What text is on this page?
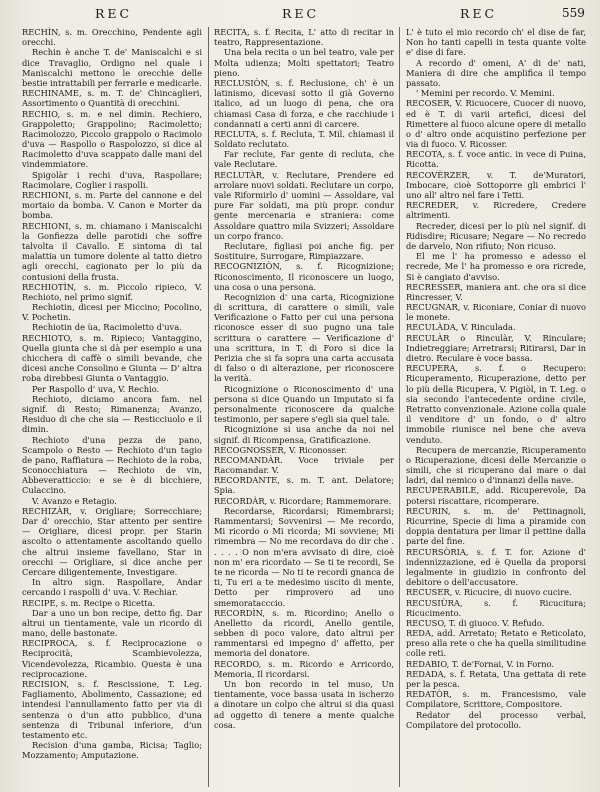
REC	REC	REC	559

RECHÌN, s. m. Orecchino, Pendente agli orecchi.

Rechin è anche T. de' Maniscalchi e si dice Travaglio, Ordigno nel quale i Maniscalchi mettono le orecchie delle bestie intrattabili per ferrarle e medicarle.

RECHINAME, s. m. T. de' Chincaglieri, Assortimento o Quantità di orecchini.

RECHIO, s. m. e nel dimin. Rechiero, Grappoletto; Grappolino; Racimoletto; Racimolozzo, Piccolo grappolo o Racimolo d'uva — Raspollo o Raspolozzo, si dice al Racimoletto d'uva scappato dalle mani del vindemmiatore.

Spigolàr i rechi d'uva, Raspollare; Racimolare, Coglier i raspolli.

RECHIONI, s. m. Parte del cannone e del mortaio da bomba. V. Canon e Morter da bomba.

RECHIONI, s. m. chiamano i Maniscalchi la Gonfiezza delle parotidi che soffre talvolta il Cavallo. E sintoma di tal malattia un tumore dolente al tatto dietro agli orecchi, cagionato per lo più da contusioni della frusta.

RECHIOTÌN, s. m. Piccolo ripieco, V. Rechioto, nel primo signif.

Rechiotin, dicesi per Miccino; Pocolino, V. Pochetin.

Rechiotin de ùa, Racimoletto d'uva.

RECHIOTO, s. m. Ripieco; Vantaggino, Quella giunta che si dà per esempio a una chicchera di caffè o simili bevande, che dicesi anche Consolino e Giunta — D' altra roba direbbesi Giunta o Vantaggio.

Per Raspollo d' uva, V. Rechio.

Rechioto, diciamo ancora fam. nel signif. di Resto; Rimanenza; Avanzo, Residuo di che che sia — Resticciuolo e il dimin.

Rechioto d'una pezza de pano, Scampolo o Resto — Rechioto d'un tagio de pano, Raffiatura — Rechioto de la roba, Sconocchiatura — Rechioto de vin, Abbeveratticcio: e se è di bicchiere, Culaccino.

V. Avanzo e Retagio.

RECHIZÀR, v. Origliare; Sorrecchiare; Dar d' orecchio, Star attento per sentire — Origliare, dicesi propr. per Starin ascolto o attentamente ascoltando quello che altrui insieme favellano, Star in orecchi — Origliare, si dice anche per Cercare diligentemente, Investigare.

In altro sign. Raspollare, Andar cercando i raspolli d' uva. V. Rechiar.

RECIPE, s. m. Recipe o Ricetta.

Dar a uno un bon recipe, detto fig. Dar altrui un tientamente, vale un ricordo di mano, delle bastonate.

RECIPROCA, s. f. Reciprocazione o Reciprocità, Scambievolezza, Vicendevolezza, Ricambio. Questa è una reciprocazione.

RECISION, s. f. Rescissione, T. Leg. Fagliamento, Abolimento, Cassazione; ed intendesi l'annullamento fatto per via di sentenza o d'un atto pubblico, d'una sentenza di Tribunal inferiore, d'un testamento etc.

Recision d'una gamba, Ricisa; Taglio; Mozzamento; Amputazione.

RECITA, s. f. Recita, L' atto di recitar in teatro, Rappresentazione.

Una bela recita o un bel teatro, vale per Molta udienza; Molti spettatori; Teatro pieno.

RECLUSIÒN, s. f. Reclusione, ch' è un latinismo, dicevasi sotto il già Governo italico, ad un luogo di pena, che ora chiamasi Casa di forza, e che racchiude i condannati a certi anni di carcere.

RECLUTA, s. f. Recluta, T. Mil. chiamasi il Soldato reclutato.

Far reclute, Far gente di recluta, che vale Reclutare.

RECLUTÀR, v. Reclutare, Prendere ed arrolare nuovi soldati. Reclutare un corpo, vale Riformirlo d' uomini — Assoldare, val pure Far soldati, ma più propr. condur gente mercenaria e straniera: come Assoldare quattro mila Svizzeri; Assoldare un corpo franco.

Reclutare, figliasi poi anche fig. per Sostituire, Surrogare, Rimpiazzare.

RECOGNIZIÒN, s. f. Ricognizione; Riconoscimento, Il riconoscere un luogo, una cosa o una persona.

Recognizion d' una carta, Ricognizione di scrittura, di carattere o simili, vale Verificazione o Fatto per cui una persona riconosce esser di suo pugno una tale scrittura o carattere — Verificazione d' una scrittura, in T. di Foro si dice la Perizia che si fa sopra una carta accusata di falso o di alterazione, per riconoscere la verità.

Ricognizione o Riconoscimento d' una persona si dice Quando un Imputato si fa personalmente riconoscere da qualche testimonio, per sapere s'egli sia quel tale.

Ricognizione si usa anche da noi nel signif. di Ricompensa, Gratificazione.

RECOGNOSSER, V. Riconosser.

RECOMANDÀR. Voce triviale per Racomandar. V.

RECORDANTE, s. m. T. ant. Delatore; Spia.

RECORDÀR, v. Ricordare; Rammemorare.

Recordarse, Ricordarsi; Rimembrarsi; Rammentarsi; Sovvenirsi — Me recordo, Mi ricordo o Mi ricorda; Mi sovviene; Mi rimembra — No me recordava do dir che . . . . . O non m'era avvisato di dire, cioè non m' era ricordato — Se ti te recordi, Se te ne ricorda — No ti te recordi gnanca de ti, Tu eri a te medesimo uscito di mente, Detto per rimprovero ad uno smemoratacccio.

RECORDÌN, s. m. Ricordino; Anello o Anelletto da ricordi, Anello gentile, sebben di poco valore, dato altrui per rammentarsi ed impegno d' affetto, per memoria del donatore.

RECORDO, s. m. Ricordo e Arricordo, Memoria, Il ricordarsi.

Un bon recordo in tel muso, Un tientamente, voce bassa usata in ischerzo a dinotare un colpo che altrui si dia quasi ad oggetto di tenere a mente qualche cosa.

L' è tuto el mio recordo ch' el dise de far, Non ho tanti capelli in testa quante volte e' dise di fare.

A recordo d' omeni, A' di de' nati, Maniera di dire che amplifica il tempo passato.

' Memini per recordo. V. Memini.

RECOSER, V. Ricuocere, Cuocer di nuovo, ed è T. di varii artefici, dicesi del Rimettere al fuoco alcune opere di metallo o d' altro onde acquistino perfezione per via di fuoco. V. Ricosser.

RECOTA, s. f. voce antic. in vece di Puina, Ricotta.

RECOVÈRZER, v. T. de'Muratori, Imbocare, cioè Sottoporre gli embrici l' uno all' altro nel fare i Tetti.

RECREDER, v. Ricredere, Credere altrimenti.

Recreder, dicesi per lo più nel signif. di Ridisdire; Ricusare; Negare — No recredo de darvelo, Non rifiuto; Non ricuso.

El me l' ha promesso e adesso el recrede, Me l' ha promesso e ora ricrede, Si è cangiato d'avviso.

RECRESSER, maniera ant. che ora si dice Rincresser, V.

RECUGNAR, v. Riconiare, Coniar di nuovo le monete.

RECULÀDA, V. Rinculada.

RECULÀR o Rinculàr, V. Rinculare; Indietreggiare; Arretrarsi; Ritirarsi, Dar in dietro. Reculare è voce bassa.

RECUPERA, s. f. o Recupero: Ricuperamento, Ricuperazione, detto per lo più della Ricupera, V. Pigiòl, in T. Leg. o sia secondo l'antecedente ordine civile, Retratto convenzionale. Azione colla quale il venditore d' un fondo, o d' altro immobile riunisce nel bene che aveva venduto.

Recupera de mercanzie, Ricuperamento o Ricuperazione, dicesi delle Mercanzie o simili, che si ricuperano dal mare o dai ladri, dal nemico o d'innanzi della nave.

RECUPERABILE, add. Ricuperevole, Da potersi riscattare, ricomperare.

RECURIN, s. m. de' Pettinagnoli, Ricurrine, Specie di lima a piramide con doppia dentatura per limar il pettine dalla parte del fine.

RECURSÒRIA, s. f. T. for. Azione d' indennizzazione, ed è Quella da proporsi legalmente in giudizio in confronto del debitore o dell'accusatore.

RECUSER, v. Ricucire, di nuovo cucire.

RECUSIÙRA, s. f. Ricucitura; Ricucimento.

RECUSO, T. di giuoco. V. Refudo.

REDA, add. Arretato; Retato e Reticolato, preso alla rete o che ha quella similitudine colle reti.

REDABIO, T. de'Fornai, V. in Forno.

REDADA, s. f. Retata, Una gettata di rete per la pesca.

REDATÒR, s. m. Francesismo, vale Compilatore, Scrittore, Compositore.

Redator del processo verbal, Compilatore del protocollo.
